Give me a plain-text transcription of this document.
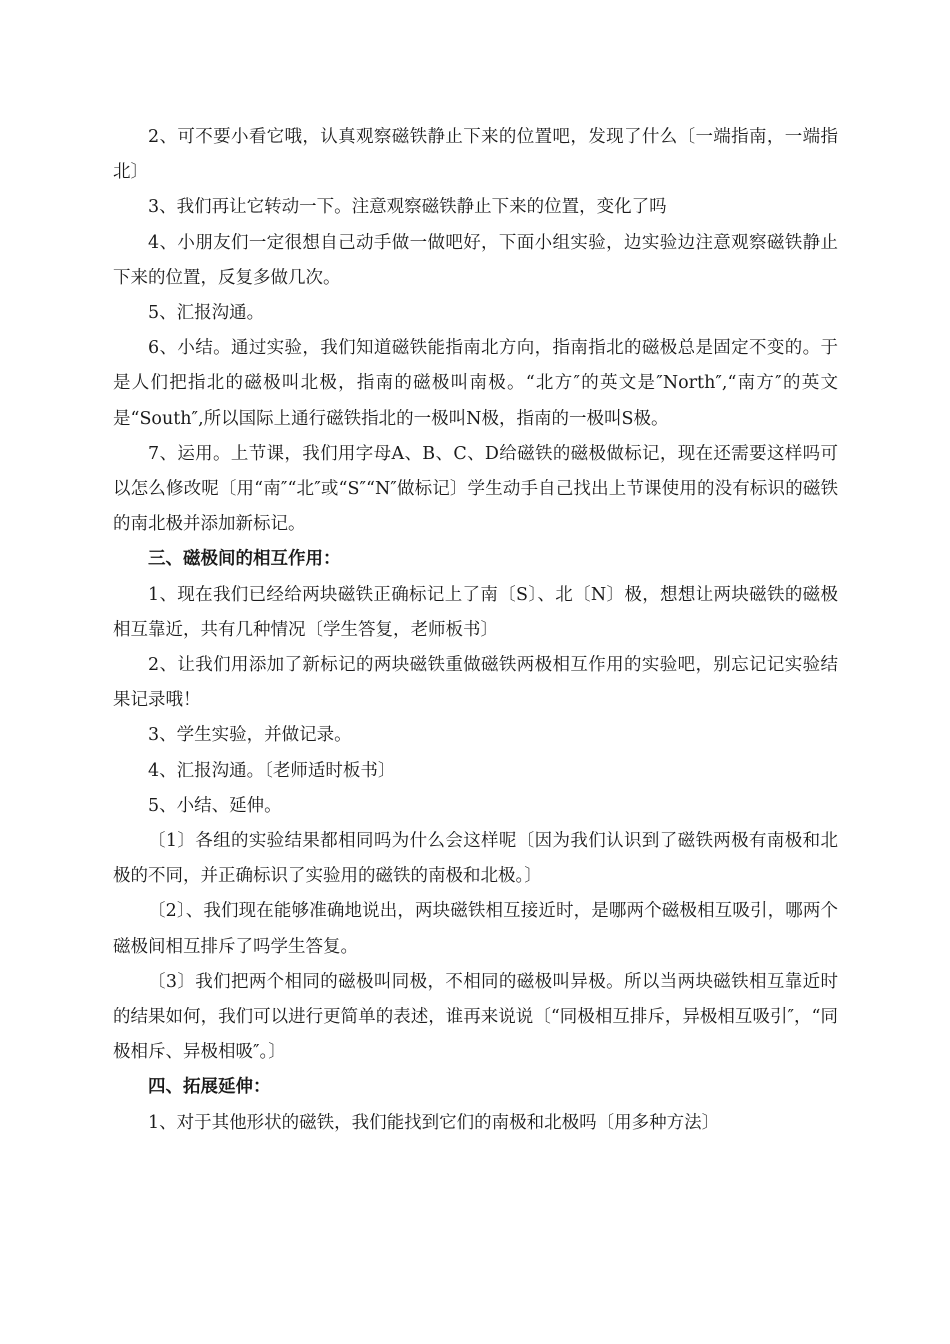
2、可不要小看它哦，认真观察磁铁静止下来的位置吧，发现了什么〔一端指南，一端指北〕

3、我们再让它转动一下。注意观察磁铁静止下来的位置，变化了吗

4、小朋友们一定很想自己动手做一做吧好，下面小组实验，边实验边注意观察磁铁静止下来的位置，反复多做几次。

5、汇报沟通。

6、小结。通过实验，我们知道磁铁能指南北方向，指南指北的磁极总是固定不变的。于是人们把指北的磁极叫北极，指南的磁极叫南极。“北方″的英文是″North″,“南方″的英文是“South″,所以国际上通行磁铁指北的一极叫N极，指南的一极叫S极。

7、运用。上节课，我们用字母A、B、C、D给磁铁的磁极做标记，现在还需要这样吗可以怎么修改呢〔用“南″“北″或“S″“N″做标记〕学生动手自己找出上节课使用的没有标识的磁铁的南北极并添加新标记。

三、磁极间的相互作用：

1、现在我们已经给两块磁铁正确标记上了南〔S〕、北〔N〕极，想想让两块磁铁的磁极相互靠近，共有几种情况〔学生答复，老师板书〕

2、让我们用添加了新标记的两块磁铁重做磁铁两极相互作用的实验吧，别忘记记实验结果记录哦！

3、学生实验，并做记录。

4、汇报沟通。〔老师适时板书〕

5、小结、延伸。

〔1〕各组的实验结果都相同吗为什么会这样呢〔因为我们认识到了磁铁两极有南极和北极的不同，并正确标识了实验用的磁铁的南极和北极。〕

〔2〕、我们现在能够准确地说出，两块磁铁相互接近时，是哪两个磁极相互吸引，哪两个磁极间相互排斥了吗学生答复。

〔3〕我们把两个相同的磁极叫同极，不相同的磁极叫异极。所以当两块磁铁相互靠近时的结果如何，我们可以进行更简单的表述，谁再来说说〔“同极相互排斥，异极相互吸引″，“同极相斥、异极相吸″。〕

四、拓展延伸：

1、对于其他形状的磁铁，我们能找到它们的南极和北极吗〔用多种方法〕
